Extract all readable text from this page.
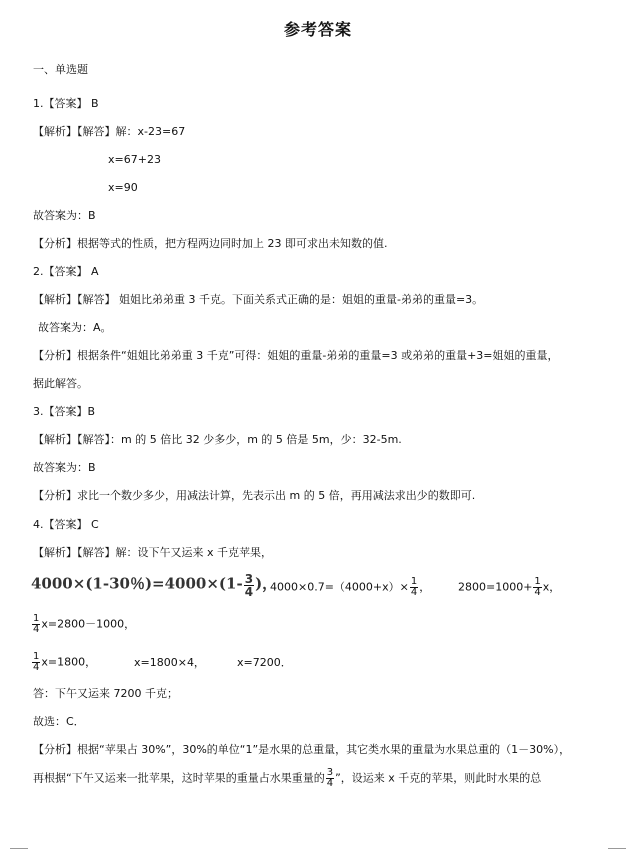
参考答案
一、单选题
1.【答案】 B
【解析】【解答】解：x-23=67
x=67+23
x=90
故答案为：B
【分析】根据等式的性质，把方程两边同时加上 23 即可求出未知数的值.
2.【答案】 A
【解析】【解答】 姐姐比弟弟重 3 千克。下面关系式正确的是：姐姐的重量-弟弟的重量=3。
故答案为：A。
【分析】根据条件“姐姐比弟弟重 3 千克”可得：姐姐的重量-弟弟的重量=3 或弟弟的重量+3=姐姐的重量，
据此解答。
3.【答案】B
【解析】【解答】：m 的 5 倍比 32 少多少，m 的 5 倍是 5m，少：32-5m.
故答案为：B
【分析】求比一个数少多少，用减法计算，先表示出 m 的 5 倍，再用减法求出少的数即可.
4.【答案】 C
【解析】【解答】解：设下午又运来 x 千克苹果，
4000×(1-30％)$=4000\times(1- \frac{3}{4}$ )，
$4000\times 0.7=(4000+x)\times \frac{1}{4}$ ，	$2800=1000+ \frac{1}{4}$ x，
$\frac{1}{4} x=2800-1000$，
$\frac{1}{4} x=1800$，	x=1800×4，	x=7200．
答：下午又运来 7200 千克；
故选：C．
【分析】根据“苹果占 30%”，30%的单位“1”是水果的总重量，其它类水果的重量为水果总重的（1－30%），
再根据“下午又运来一批苹果，这时苹果的重量占水果重量的 $\frac{3}{4}$ ”，设运来 x 千克的苹果，则此时水果的总
